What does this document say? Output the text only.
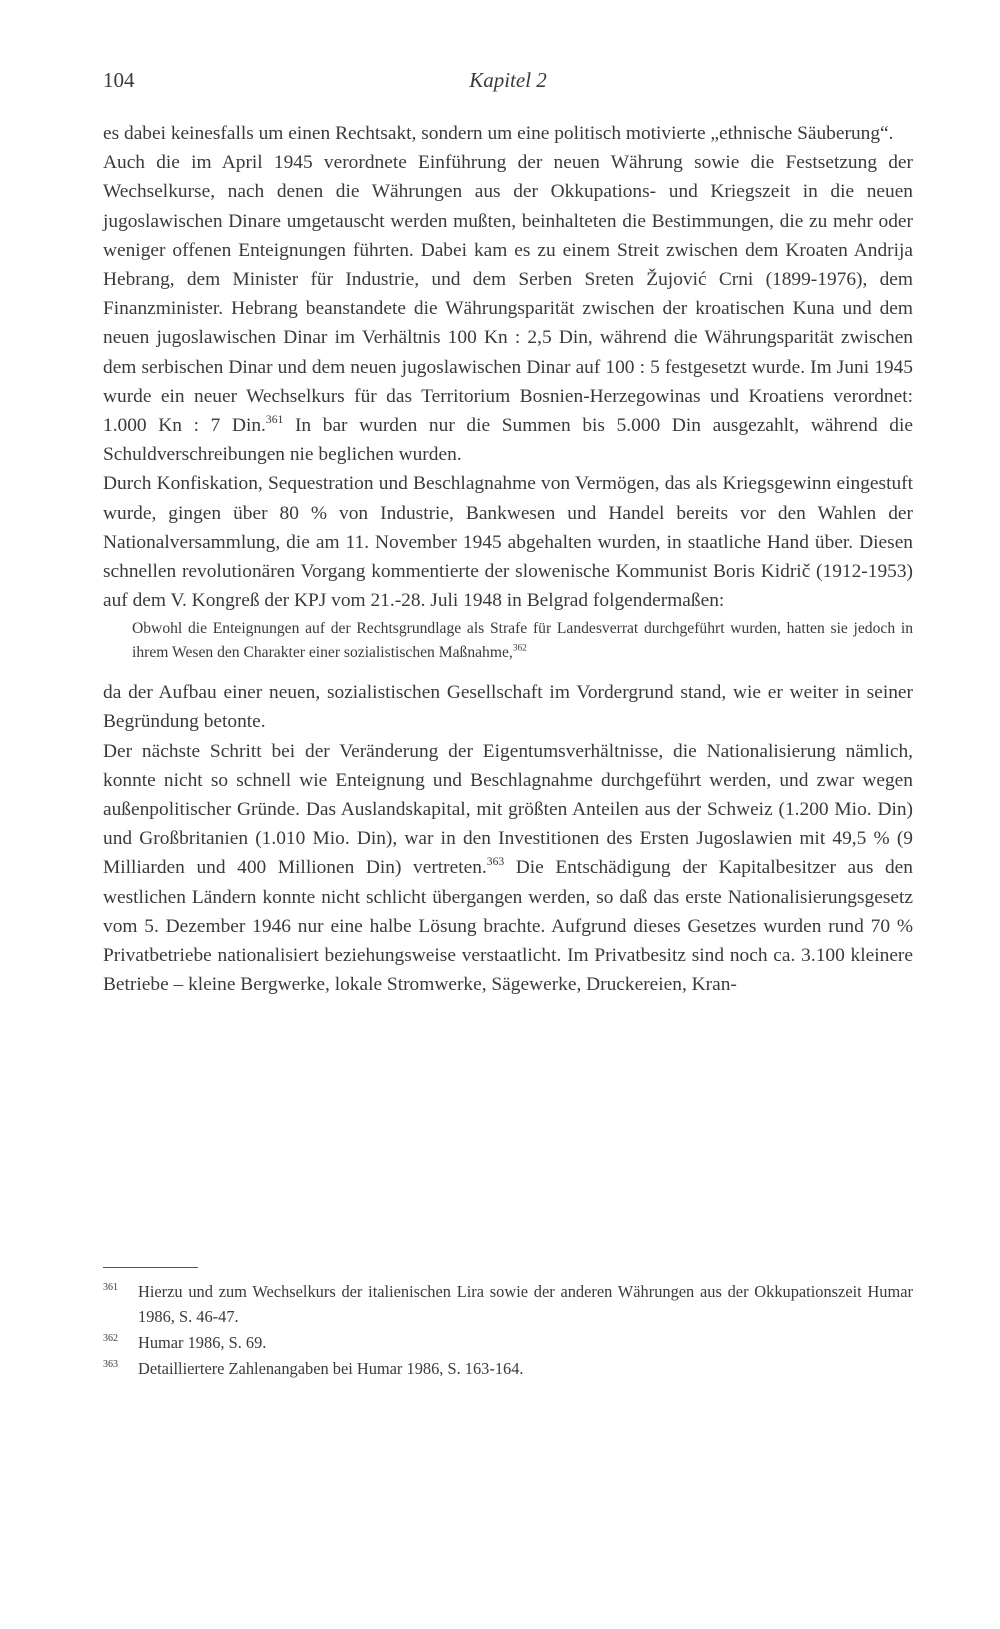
104	Kapitel 2

es dabei keinesfalls um einen Rechtsakt, sondern um eine politisch motivierte „ethnische Säuberung“.

Auch die im April 1945 verordnete Einführung der neuen Währung sowie die Festsetzung der Wechselkurse, nach denen die Währungen aus der Okkupations- und Kriegszeit in die neuen jugoslawischen Dinare umgetauscht werden mußten, beinhalteten die Bestimmungen, die zu mehr oder weniger offenen Enteignungen führten. Dabei kam es zu einem Streit zwischen dem Kroaten Andrija Hebrang, dem Minister für Industrie, und dem Serben Sreten Žujović Crni (1899-1976), dem Finanzminister. Hebrang beanstandete die Währungsparität zwischen der kroatischen Kuna und dem neuen jugoslawischen Dinar im Verhältnis 100 Kn : 2,5 Din, während die Währungsparität zwischen dem serbischen Dinar und dem neuen jugoslawischen Dinar auf 100 : 5 festgesetzt wurde. Im Juni 1945 wurde ein neuer Wechselkurs für das Territorium Bosnien-Herzegowinas und Kroatiens verordnet: 1.000 Kn : 7 Din.$^{361}$ In bar wurden nur die Summen bis 5.000 Din ausgezahlt, während die Schuldverschreibungen nie beglichen wurden.

Durch Konfiskation, Sequestration und Beschlagnahme von Vermögen, das als Kriegsgewinn eingestuft wurde, gingen über 80 % von Industrie, Bankwesen und Handel bereits vor den Wahlen der Nationalversammlung, die am 11. November 1945 abgehalten wurden, in staatliche Hand über. Diesen schnellen revolutionären Vorgang kommentierte der slowenische Kommunist Boris Kidrič (1912-1953) auf dem V. Kongreß der KPJ vom 21.-28. Juli 1948 in Belgrad folgendermaßen:

Obwohl die Enteignungen auf der Rechtsgrundlage als Strafe für Landesverrat durchgeführt wurden, hatten sie jedoch in ihrem Wesen den Charakter einer sozialistischen Maßnahme,$^{362}$

da der Aufbau einer neuen, sozialistischen Gesellschaft im Vordergrund stand, wie er weiter in seiner Begründung betonte.

Der nächste Schritt bei der Veränderung der Eigentumsverhältnisse, die Nationalisierung nämlich, konnte nicht so schnell wie Enteignung und Beschlagnahme durchgeführt werden, und zwar wegen außenpolitischer Gründe. Das Auslandskapital, mit größten Anteilen aus der Schweiz (1.200 Mio. Din) und Großbritanien (1.010 Mio. Din), war in den Investitionen des Ersten Jugoslawien mit 49,5 % (9 Milliarden und 400 Millionen Din) vertreten.$^{363}$ Die Entschädigung der Kapitalbesitzer aus den westlichen Ländern konnte nicht schlicht übergangen werden, so daß das erste Nationalisierungsgesetz vom 5. Dezember 1946 nur eine halbe Lösung brachte. Aufgrund dieses Gesetzes wurden rund 70 % Privatbetriebe nationalisiert beziehungsweise verstaatlicht. Im Privatbesitz sind noch ca. 3.100 kleinere Betriebe – kleine Bergwerke, lokale Stromwerke, Sägewerke, Druckereien, Kran-

361 Hierzu und zum Wechselkurs der italienischen Lira sowie der anderen Währungen aus der Okkupationszeit Humar 1986, S. 46-47.
362 Humar 1986, S. 69.
363 Detailliertere Zahlenangaben bei Humar 1986, S. 163-164.
